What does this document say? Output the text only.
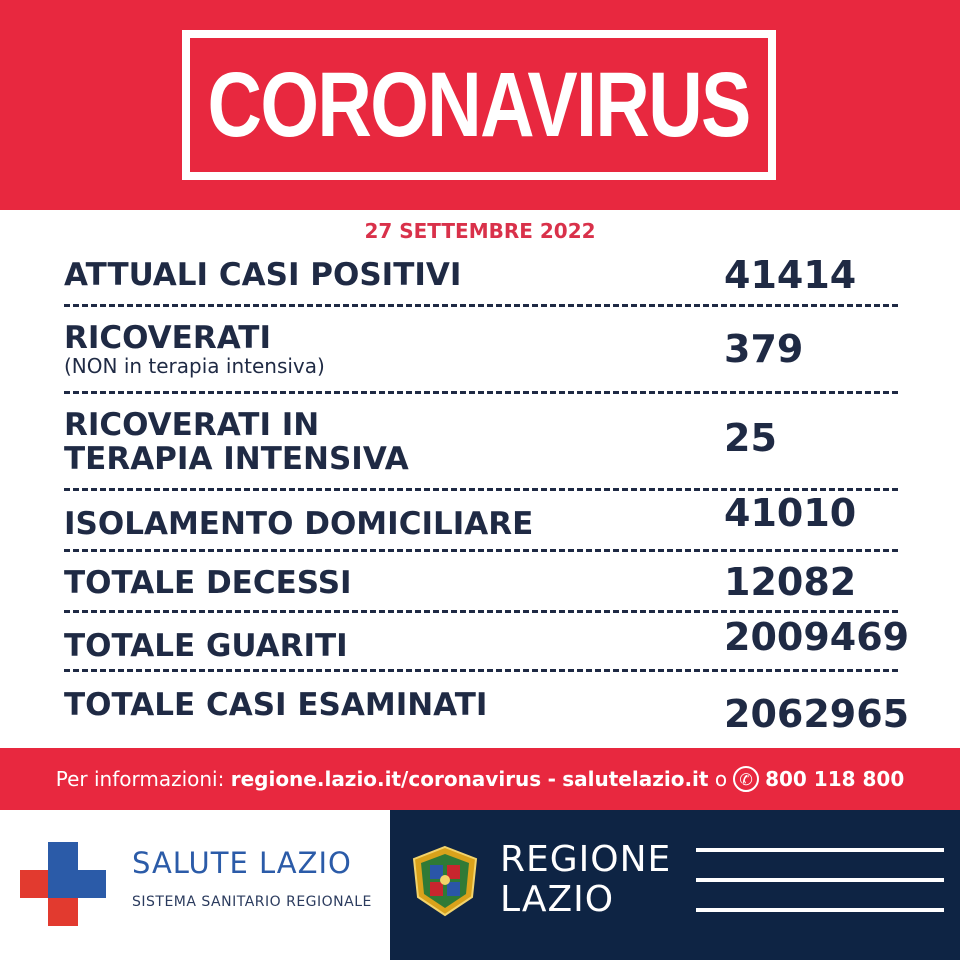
CORONAVIRUS
27 SETTEMBRE 2022
ATTUALI CASI POSITIVI	41414
RICOVERATI
(NON in terapia intensiva)	379
RICOVERATI IN
TERAPIA INTENSIVA	25
ISOLAMENTO DOMICILIARE	41010
TOTALE DECESSI	12082
TOTALE GUARITI	2009469
TOTALE CASI ESAMINATI	2062965
Per informazioni:
regione.lazio.it/coronavirus
-
salutelazio.it
o ✆ 800 118 800
SALUTE LAZIO
SISTEMA SANITARIO REGIONALE
REGIONE
LAZIO
